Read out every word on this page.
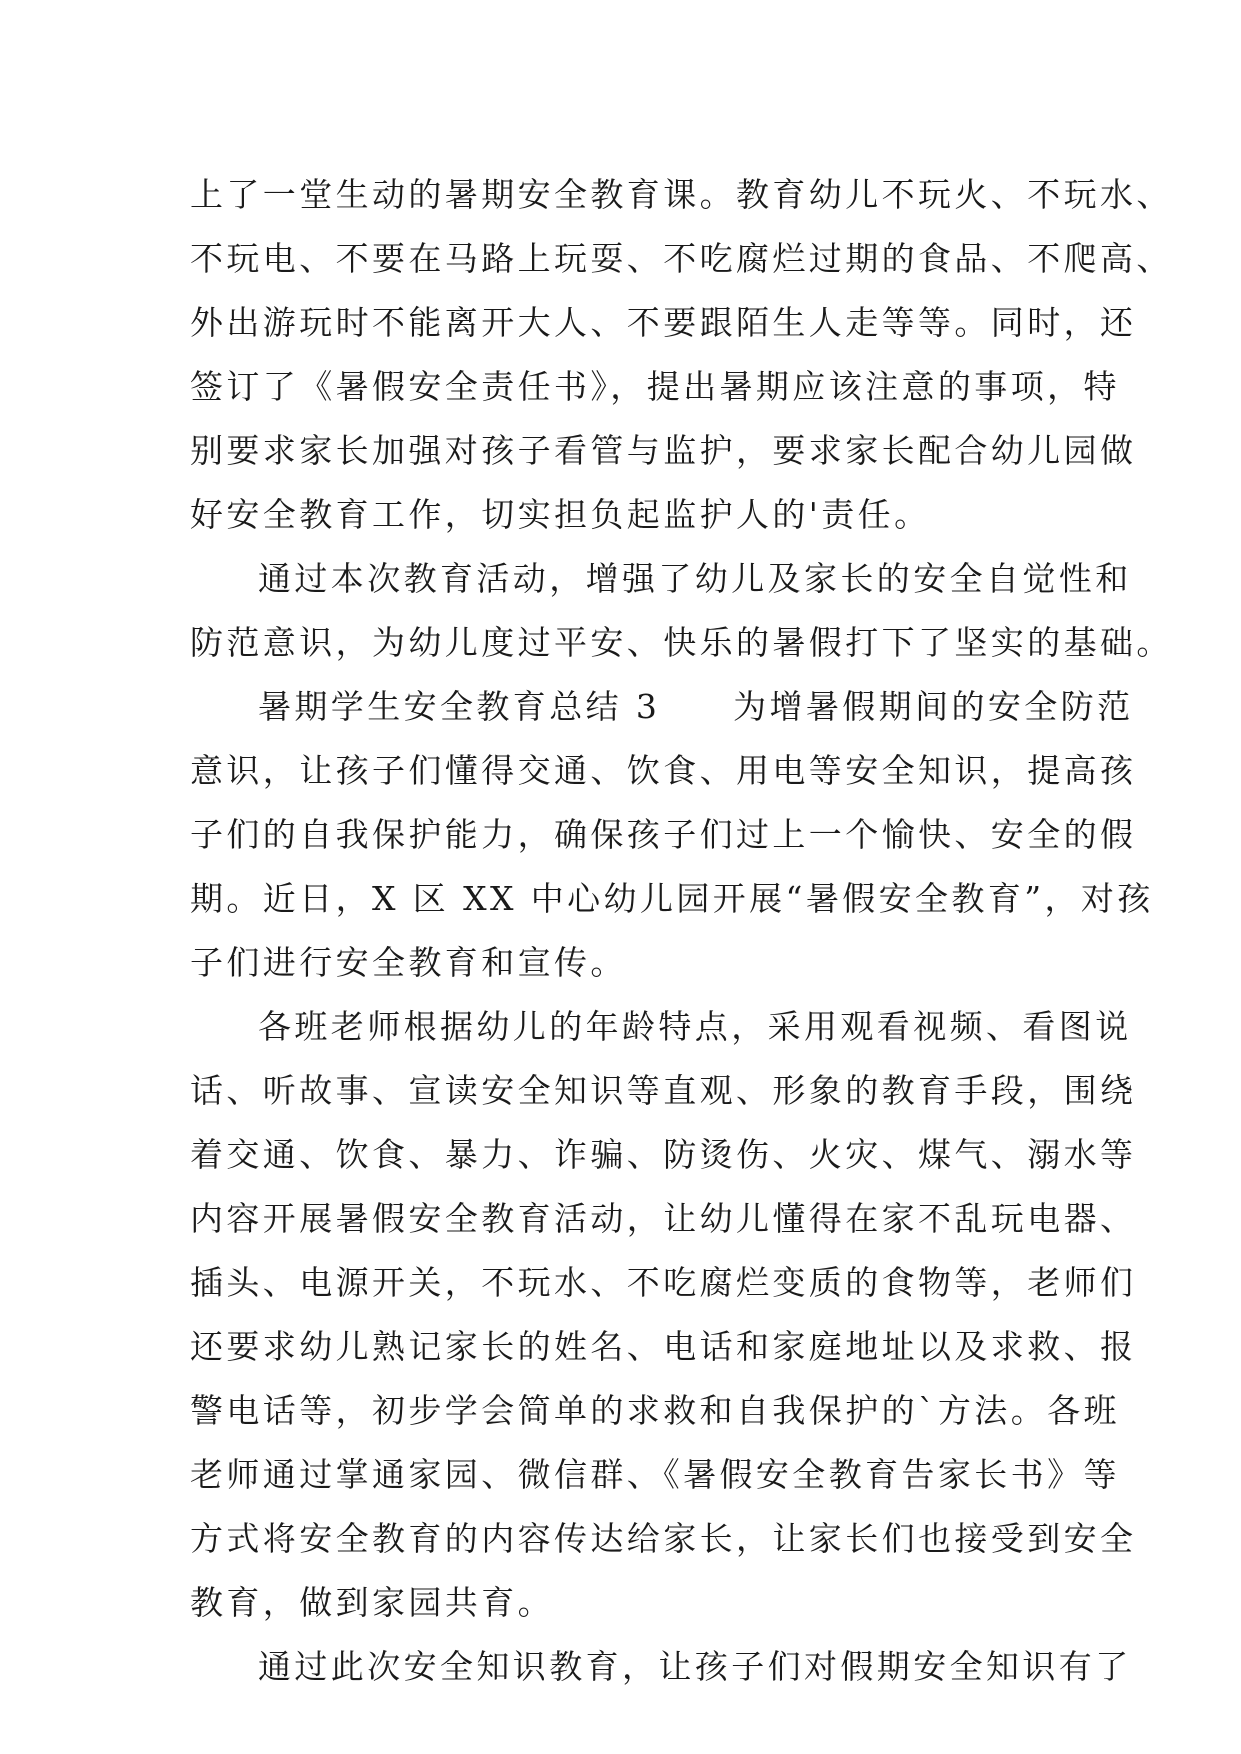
上了一堂生动的暑期安全教育课。教育幼儿不玩火、不玩水、
不玩电、不要在马路上玩耍、不吃腐烂过期的食品、不爬高、
外出游玩时不能离开大人、不要跟陌生人走等等。同时，还
签订了《暑假安全责任书》，提出暑期应该注意的事项，特
别要求家长加强对孩子看管与监护，要求家长配合幼儿园做
好安全教育工作，切实担负起监护人的'责任。
通过本次教育活动，增强了幼儿及家长的安全自觉性和
防范意识，为幼儿度过平安、快乐的暑假打下了坚实的基础。
暑期学生安全教育总结 3　　为增暑假期间的安全防范
意识，让孩子们懂得交通、饮食、用电等安全知识，提高孩
子们的自我保护能力，确保孩子们过上一个愉快、安全的假
期。近日，X 区 XX 中心幼儿园开展“暑假安全教育”，对孩
子们进行安全教育和宣传。
各班老师根据幼儿的年龄特点，采用观看视频、看图说
话、听故事、宣读安全知识等直观、形象的教育手段，围绕
着交通、饮食、暴力、诈骗、防烫伤、火灾、煤气、溺水等
内容开展暑假安全教育活动，让幼儿懂得在家不乱玩电器、
插头、电源开关，不玩水、不吃腐烂变质的食物等，老师们
还要求幼儿熟记家长的姓名、电话和家庭地址以及求救、报
警电话等，初步学会简单的求救和自我保护的`方法。各班
老师通过掌通家园、微信群、《暑假安全教育告家长书》等
方式将安全教育的内容传达给家长，让家长们也接受到安全
教育，做到家园共育。
通过此次安全知识教育，让孩子们对假期安全知识有了
